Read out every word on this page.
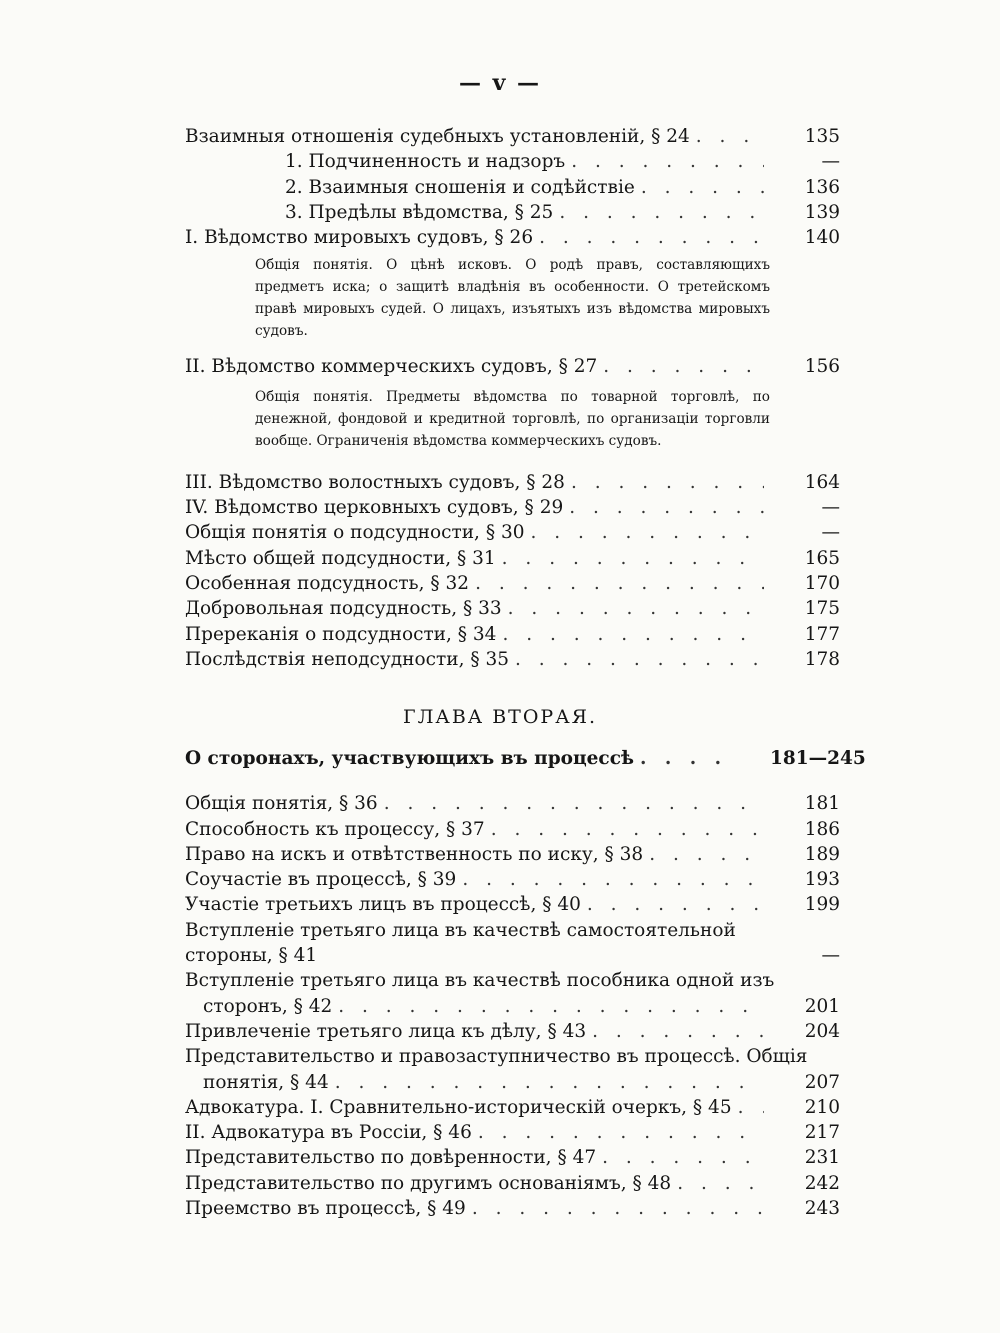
— v —
Взаимныя отношенія судебныхъ установленій, § 24 . . .	135
1. Подчиненность и надзоръ . . .	—
2. Взаимныя сношенія и содѣйствіе . . .	136
3. Предѣлы вѣдомства, § 25 . . .	139
I. Вѣдомство мировыхъ судовъ, § 26 . . .	140
Общія понятія. О цѣнѣ исковъ. О родѣ правъ, составляющихъ предметъ иска; о защитѣ владѣнія въ особенности. О третейскомъ правѣ мировыхъ судей. О лицахъ, изъятыхъ изъ вѣдомства мировыхъ судовъ.
II. Вѣдомство коммерческихъ судовъ, § 27 . . .	156
Общія понятія. Предметы вѣдомства по товарной торговлѣ, по денежной, фондовой и кредитной торговлѣ, по организаціи торговли вообще. Ограниченія вѣдомства коммерческихъ судовъ.
III. Вѣдомство волостныхъ судовъ, § 28 . . .	164
IV. Вѣдомство церковныхъ судовъ, § 29 . . .	—
Общія понятія о подсудности, § 30 . . .	—
Мѣсто общей подсудности, § 31 . . .	165
Особенная подсудность, § 32 . . .	170
Добровольная подсудность, § 33 . . .	175
Пререканія о подсудности, § 34 . . .	177
Послѣдствія неподсудности, § 35 . . .	178
ГЛАВА ВТОРАЯ.
О сторонахъ, участвующихъ въ процессѣ . . .	181—245
Общія понятія, § 36 . . .	181
Способность къ процессу, § 37 . . .	186
Право на искъ и отвѣтственность по иску, § 38 . . .	189
Соучастіе въ процессѣ, § 39 . . .	193
Участіе третьихъ лицъ въ процессѣ, § 40 . . .	199
Вступленіе третьяго лица въ качествѣ самостоятельной стороны, § 41	—
Вступленіе третьяго лица въ качествѣ пособника одной изъ
сторонъ, § 42 . . .	201
Привлеченіе третьяго лица къ дѣлу, § 43 . . .	204
Представительство и правозаступничество въ процессѣ. Общія
понятія, § 44 . . .	207
Адвокатура. I. Сравнительно-историческій очеркъ, § 45 . . .	210
II. Адвокатура въ Россіи, § 46 . . .	217
Представительство по довѣренности, § 47 . . .	231
Представительство по другимъ основаніямъ, § 48 . . .	242
Преемство въ процессѣ, § 49 . . .	243
